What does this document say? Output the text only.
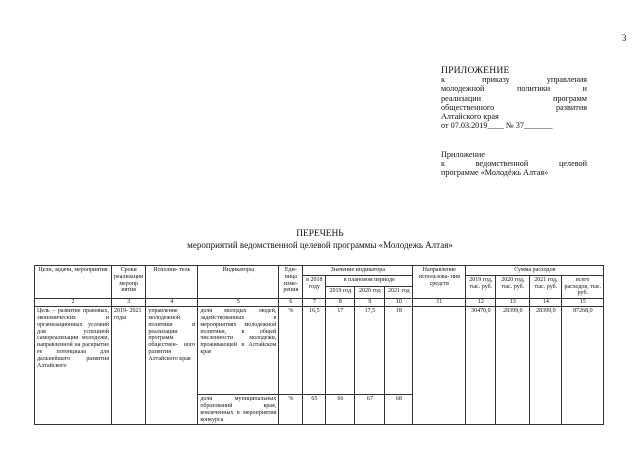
3
ПРИЛОЖЕНИЕ
к приказу управления
молодежной политики и
реализации программ
общественного развития
Алтайского края
от 07.03.2019____ № 37_______
Приложение
к ведомственной целевой
программе «Молодёжь Алтая»
ПЕРЕЧЕНЬ
мероприятий ведомственной целевой программы «Молодежь Алтая»
Цели, задачи, мероприятия	Сроки реализации меропр иятия	Исполни- тель	Индикаторы	Еди- ница изме- рения	Значение индикатора				Направление использова- ния средств	Сумма расходов			
					в 2018 году	в плановом периоде				2019 год, тыс. руб.	2020 год, тыс. руб.	2021 год, тыс. руб.	всего расходов, тыс. руб.
						2019 год	2020 год	2021 год					
2	3	4	5	6	7	8	9	10	11	12	13	14	15
Цель – развитие правовых, экономических и организационных условий для успешной самореализации молодежи, направленной на раскрытие ее потенциала для дальнейшего развития Алтайского	2019- 2021 годы	управление молодежной политики и реализации программ обществен- ного развития Алтайского края	доля молодых людей, задействованных в мероприятиях молодежной политики, в общей численности молодежи, проживающей в Алтайском крае	%	16,5	17	17,5	18		30470,0	28399,0	28399,0	87268,0
			доля муниципальных образований края, вовлеченных в мероприятия конкурса	%	65	66	67	68					
